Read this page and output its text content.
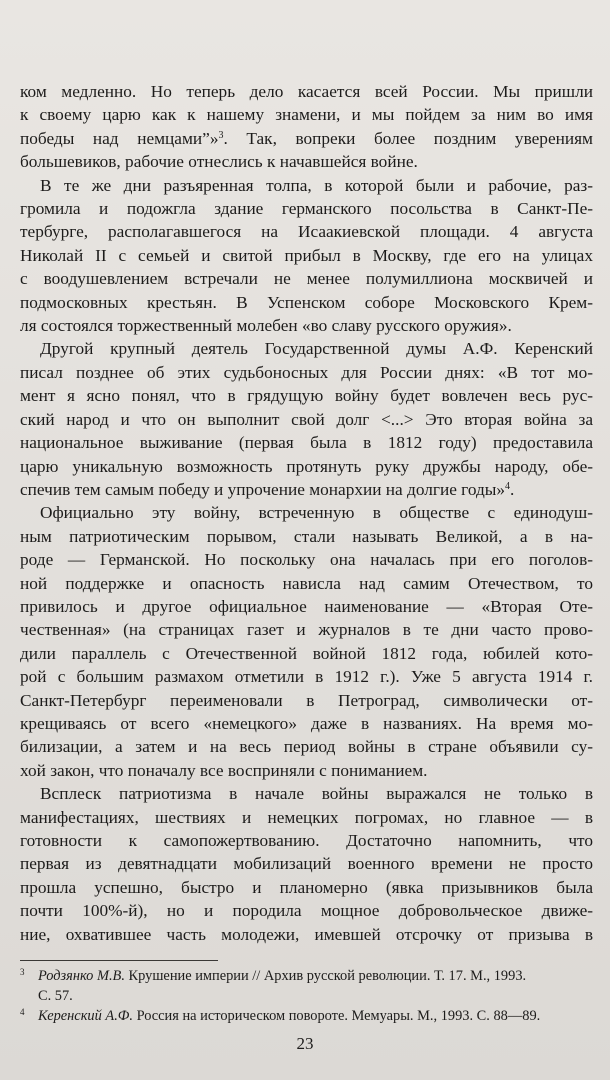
ком медленно. Но теперь дело касается всей России. Мы пришли
к своему царю как к нашему знамени, и мы пойдем за ним во имя
победы над немцами”»$^3$. Так, вопреки более поздним уверениям
большевиков, рабочие отнеслись к начавшейся войне.
В те же дни разъяренная толпа, в которой были и рабочие, раз-
громила и подожгла здание германского посольства в Санкт-Пе-
тербурге, располагавшегося на Исаакиевской площади. 4 августа
Николай II с семьей и свитой прибыл в Москву, где его на улицах
с воодушевлением встречали не менее полумиллиона москвичей и
подмосковных крестьян. В Успенском соборе Московского Крем-
ля состоялся торжественный молебен «во славу русского оружия».
Другой крупный деятель Государственной думы А.Ф. Керенский
писал позднее об этих судьбоносных для России днях: «В тот мо-
мент я ясно понял, что в грядущую войну будет вовлечен весь рус-
ский народ и что он выполнит свой долг <...> Это вторая война за
национальное выживание (первая была в 1812 году) предоставила
царю уникальную возможность протянуть руку дружбы народу, обе-
спечив тем самым победу и упрочение монархии на долгие годы»$^4$.
Официально эту войну, встреченную в обществе с единодуш-
ным патриотическим порывом, стали называть Великой, а в на-
роде — Германской. Но поскольку она началась при его поголов-
ной поддержке и опасность нависла над самим Отечеством, то
привилось и другое официальное наименование — «Вторая Оте-
чественная» (на страницах газет и журналов в те дни часто прово-
дили параллель с Отечественной войной 1812 года, юбилей кото-
рой с большим размахом отметили в 1912 г.). Уже 5 августа 1914 г.
Санкт-Петербург переименовали в Петроград, символически от-
крещиваясь от всего «немецкого» даже в названиях. На время мо-
билизации, а затем и на весь период войны в стране объявили су-
хой закон, что поначалу все восприняли с пониманием.
Всплеск патриотизма в начале войны выражался не только в
манифестациях, шествиях и немецких погромах, но главное — в
готовности к самопожертвованию. Достаточно напомнить, что
первая из девятнадцати мобилизаций военного времени не просто
прошла успешно, быстро и планомерно (явка призывников была
почти 100%-й), но и породила мощное добровольческое движе-
ние, охватившее часть молодежи, имевшей отсрочку от призыва в
3 Родзянко М.В. Крушение империи // Архив русской революции. Т. 17. М., 1993.
С. 57.
4 Керенский А.Ф. Россия на историческом повороте. Мемуары. М., 1993. С. 88—89.
23
